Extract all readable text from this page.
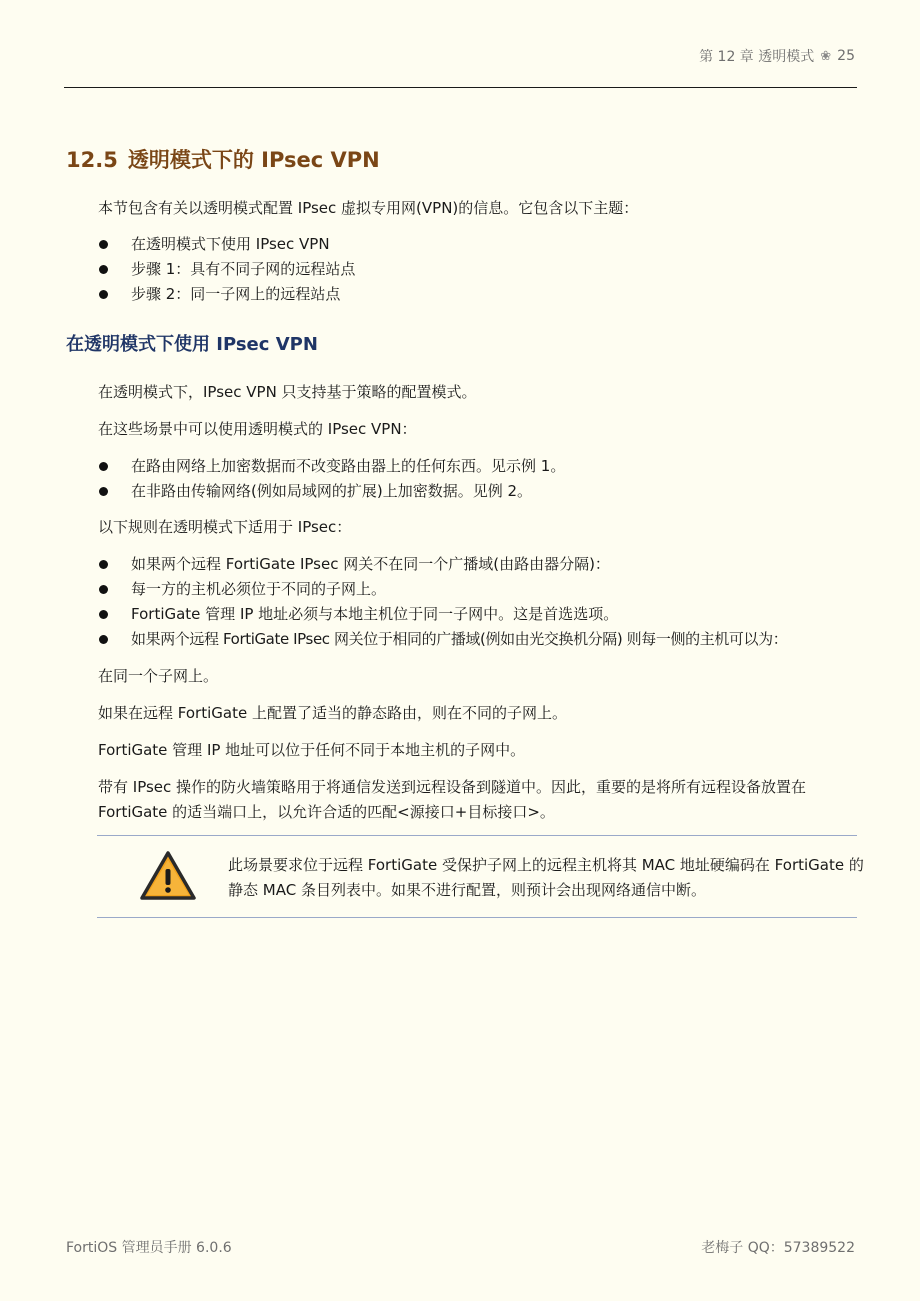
第 12 章 透明模式 ❀ 25
12.5 透明模式下的 IPsec VPN

本节包含有关以透明模式配置 IPsec 虚拟专用网(VPN)的信息。它包含以下主题：

在透明模式下使用 IPsec VPN
步骤 1：具有不同子网的远程站点
步骤 2：同一子网上的远程站点
在透明模式下使用 IPsec VPN

在透明模式下，IPsec VPN 只支持基于策略的配置模式。

在这些场景中可以使用透明模式的 IPsec VPN：

在路由网络上加密数据而不改变路由器上的任何东西。见示例 1。
在非路由传输网络(例如局域网的扩展)上加密数据。见例 2。

以下规则在透明模式下适用于 IPsec：

如果两个远程 FortiGate IPsec 网关不在同一个广播域(由路由器分隔)：
每一方的主机必须位于不同的子网上。
FortiGate 管理 IP 地址必须与本地主机位于同一子网中。这是首选选项。
如果两个远程 FortiGate IPsec 网关位于相同的广播域(例如由光交换机分隔) 则每一侧的主机可以为：

在同一个子网上。

如果在远程 FortiGate 上配置了适当的静态路由，则在不同的子网上。

FortiGate 管理 IP 地址可以位于任何不同于本地主机的子网中。

带有 IPsec 操作的防火墙策略用于将通信发送到远程设备到隧道中。因此，重要的是将所有远程设备放置在 FortiGate 的适当端口上，以允许合适的匹配<源接口+目标接口>。

此场景要求位于远程 FortiGate 受保护子网上的远程主机将其 MAC 地址硬编码在 FortiGate 的静态 MAC 条目列表中。如果不进行配置，则预计会出现网络通信中断。

FortiOS 管理员手册 6.0.6	老梅子 QQ：57389522
